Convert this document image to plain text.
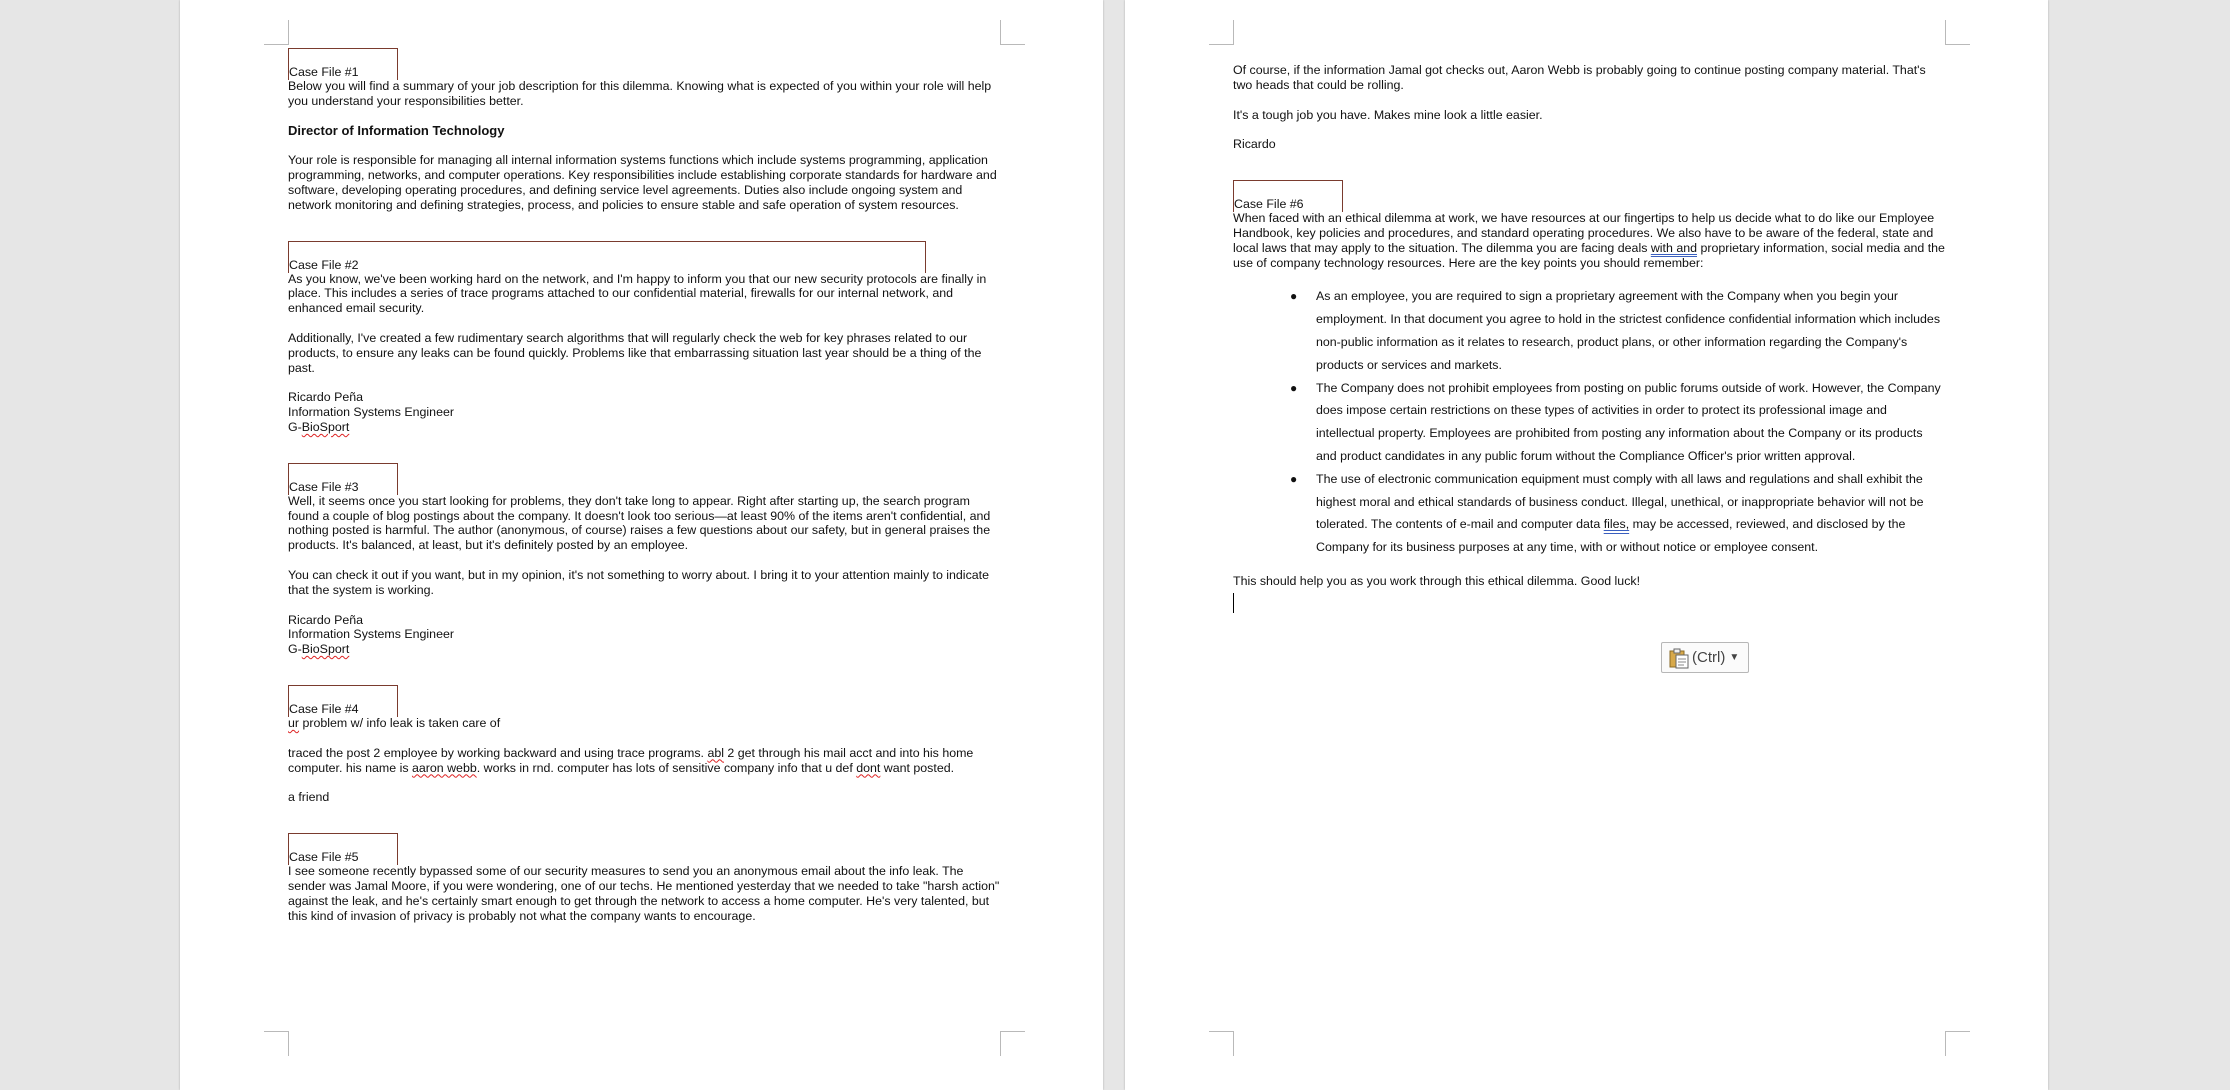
Case File #1

Below you will find a summary of your job description for this dilemma. Knowing what is expected of you within your role will help you understand your responsibilities better.

Director of Information Technology

Your role is responsible for managing all internal information systems functions which include systems programming, application programming, networks, and computer operations. Key responsibilities include establishing corporate standards for hardware and software, developing operating procedures, and defining service level agreements. Duties also include ongoing system and network monitoring and defining strategies, process, and policies to ensure stable and safe operation of system resources.

Case File #2

As you know, we've been working hard on the network, and I'm happy to inform you that our new security protocols are finally in place. This includes a series of trace programs attached to our confidential material, firewalls for our internal network, and enhanced email security.

Additionally, I've created a few rudimentary search algorithms that will regularly check the web for key phrases related to our products, to ensure any leaks can be found quickly. Problems like that embarrassing situation last year should be a thing of the past.

Ricardo Peña

Information Systems Engineer

G-BioSport

Case File #3

Well, it seems once you start looking for problems, they don't take long to appear. Right after starting up, the search program found a couple of blog postings about the company. It doesn't look too serious—at least 90% of the items aren't confidential, and nothing posted is harmful. The author (anonymous, of course) raises a few questions about our safety, but in general praises the products. It's balanced, at least, but it's definitely posted by an employee.

You can check it out if you want, but in my opinion, it's not something to worry about. I bring it to your attention mainly to indicate that the system is working.

Ricardo Peña

Information Systems Engineer

G-BioSport

Case File #4

ur problem w/ info leak is taken care of

traced the post 2 employee by working backward and using trace programs. abl 2 get through his mail acct and into his home computer. his name is aaron webb. works in rnd. computer has lots of sensitive company info that u def dont want posted.

a friend

Case File #5

I see someone recently bypassed some of our security measures to send you an anonymous email about the info leak. The sender was Jamal Moore, if you were wondering, one of our techs. He mentioned yesterday that we needed to take "harsh action" against the leak, and he's certainly smart enough to get through the network to access a home computer. He's very talented, but this kind of invasion of privacy is probably not what the company wants to encourage.

Of course, if the information Jamal got checks out, Aaron Webb is probably going to continue posting company material. That's two heads that could be rolling.

It's a tough job you have. Makes mine look a little easier.

Ricardo

Case File #6

When faced with an ethical dilemma at work, we have resources at our fingertips to help us decide what to do like our Employee Handbook, key policies and procedures, and standard operating procedures. We also have to be aware of the federal, state and local laws that may apply to the situation. The dilemma you are facing deals with and proprietary information, social media and the use of company technology resources. Here are the key points you should remember:

● As an employee, you are required to sign a proprietary agreement with the Company when you begin your employment. In that document you agree to hold in the strictest confidence confidential information which includes non-public information as it relates to research, product plans, or other information regarding the Company's products or services and markets.
● The Company does not prohibit employees from posting on public forums outside of work. However, the Company does impose certain restrictions on these types of activities in order to protect its professional image and intellectual property. Employees are prohibited from posting any information about the Company or its products and product candidates in any public forum without the Compliance Officer's prior written approval.
● The use of electronic communication equipment must comply with all laws and regulations and shall exhibit the highest moral and ethical standards of business conduct. Illegal, unethical, or inappropriate behavior will not be tolerated. The contents of e-mail and computer data files, may be accessed, reviewed, and disclosed by the Company for its business purposes at any time, with or without notice or employee consent.

This should help you as you work through this ethical dilemma. Good luck!

(Ctrl) ▼
